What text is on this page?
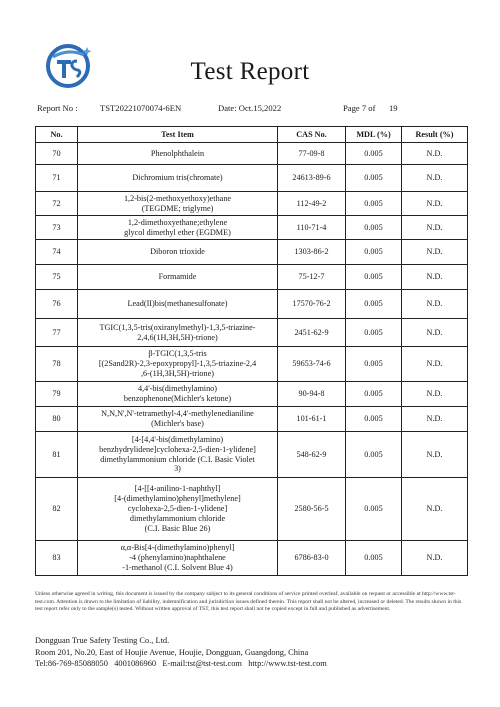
Test Report
Report No :	TST20221070074-6EN	Date: Oct.15,2022	Page 7 of 19
No.	Test Item	CAS No.	MDL (%)	Result (%)
70	Phenolphthalein	77-09-8	0.005	N.D.
71	Dichromium tris(chromate)	24613-89-6	0.005	N.D.
72	1,2-bis(2-methoxyethoxy)ethane
(TEGDME; triglyme)	112-49-2	0.005	N.D.
73	1,2-dimethoxyethane;ethylene
glycol dimethyl ether (EGDME)	110-71-4	0.005	N.D.
74	Diboron trioxide	1303-86-2	0.005	N.D.
75	Formamide	75-12-7	0.005	N.D.
76	Lead(II)bis(methanesulfonate)	17570-76-2	0.005	N.D.
77	TGIC(1,3,5-tris(oxiranylmethyl)-1,3,5-triazine-
2,4,6(1H,3H,5H)-trione)	2451-62-9	0.005	N.D.
78	β-TGIC(1,3,5-tris
[(2Sand2R)-2,3-epoxypropyl]-1,3,5-triazine-2,4
,6-(1H,3H,5H)-trione)	59653-74-6	0.005	N.D.
79	4,4'-bis(dimethylamino)
benzophenone(Michler's ketone)	90-94-8	0.005	N.D.
80	N,N,N',N'-tetramethyl-4,4'-methylenedianiline
(Michler's base)	101-61-1	0.005	N.D.
81	[4-[4,4'-bis(dimethylamino)
benzhydrylidene]cyclohexa-2,5-dien-1-ylidene]
dimethylammonium chloride (C.I. Basic Violet
3)	548-62-9	0.005	N.D.
82	[4-[[4-anilino-1-naphthyl]
[4-(dimethylamino)phenyl]methylene]
cyclohexa-2,5-dien-1-ylidene]
dimethylammonium chloride
(C.I. Basic Blue 26)	2580-56-5	0.005	N.D.
83	α,α-Bis[4-(dimethylamino)phenyl]
-4 (phenylamino)naphthalene
-1-methanol (C.I. Solvent Blue 4)	6786-83-0	0.005	N.D.
Unless otherwise agreed in writing, this document is issued by the company subject to its general conditions of service printed overleaf, available on request or accessible at http://www.tst-test.com. Attention is drawn to the limitation of liability, indemnification and jurisdiction issues defined therein. This report shall not be altered, increased or deleted. The results shown in this test report refer only to the sample(s) tested. Without written approval of TST, this test report shall not be copied except in full and published as advertisement.
Dongguan True Safety Testing Co., Ltd.
Room 201, No.20, East of Houjie Avenue, Houjie, Dongguan, Guangdong, China
Tel:86-769-85088050   4001086960   E-mail:tst@tst-test.com   http://www.tst-test.com
